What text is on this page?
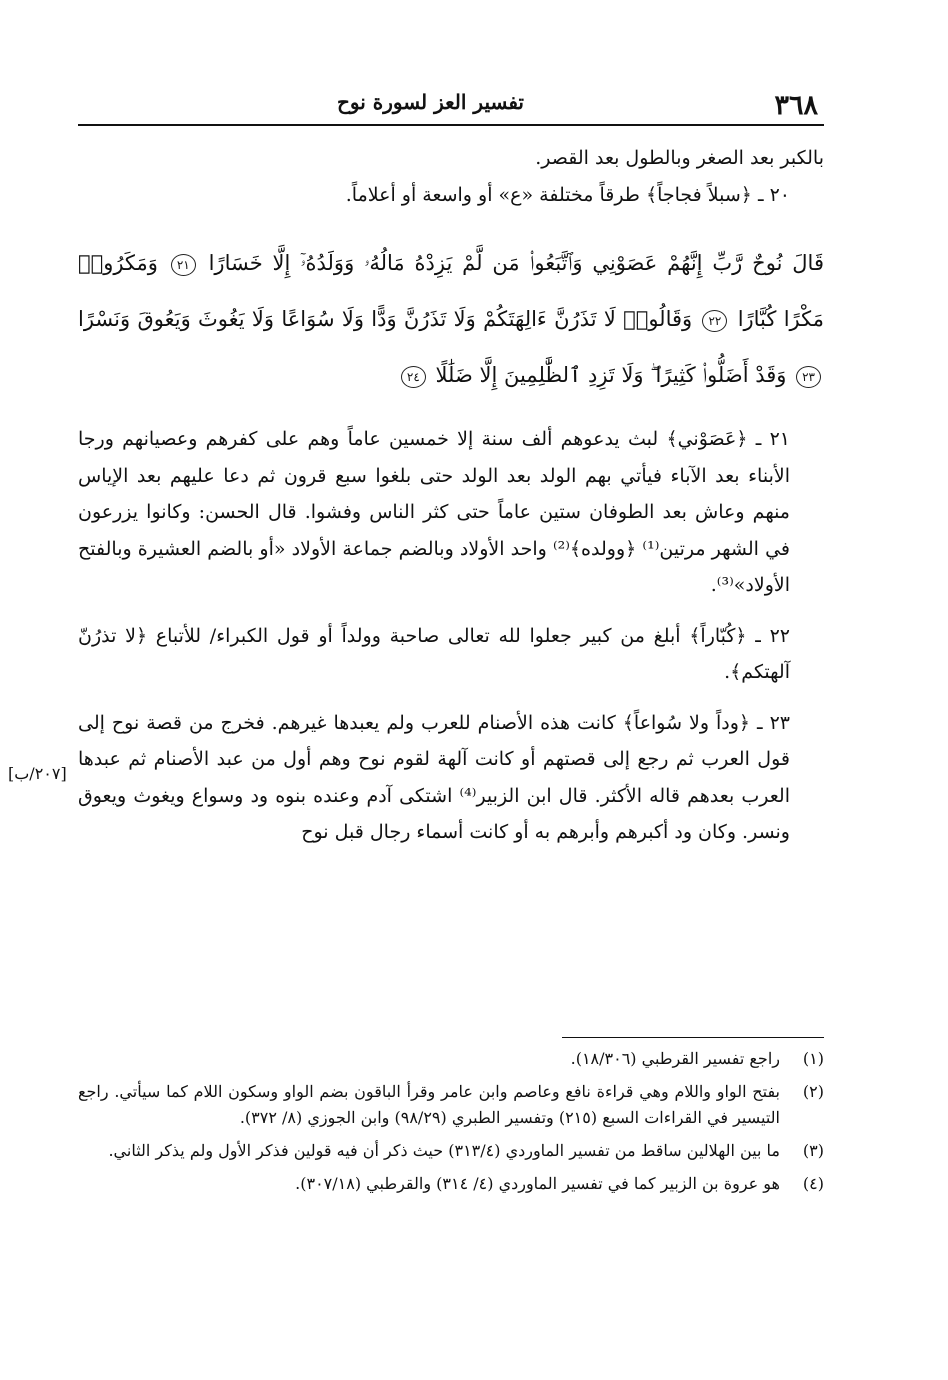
٣٦٨
تفسير العز لسورة نوح

بالكبر بعد الصغر وبالطول بعد القصر.

٢٠ ـ ﴿سبلاً فجاجاً﴾ طرقاً مختلفة «ع» أو واسعة أو أعلاماً.

قَالَ نُوحٌ رَّبِّ إِنَّهُمْ عَصَوْنِي وَٱتَّبَعُوا۟ مَن لَّمْ يَزِدْهُ مَالُهُۥ وَوَلَدُهُۥٓ إِلَّا خَسَارًا ٢١ وَمَكَرُوا۟ مَكْرًا كُبَّارًا ٢٢ وَقَالُوا۟ لَا تَذَرُنَّ ءَالِهَتَكُمْ وَلَا تَذَرُنَّ وَدًّا وَلَا سُوَاعًا وَلَا يَغُوثَ وَيَعُوقَ وَنَسْرًا ٢٣ وَقَدْ أَضَلُّوا۟ كَثِيرًا ۖ وَلَا تَزِدِ ٱلظَّٰلِمِينَ إِلَّا ضَلَٰلًا ٢٤

٢١ ـ ﴿عَصَوْني﴾ لبث يدعوهم ألف سنة إلا خمسين عاماً وهم على كفرهم وعصيانهم ورجا الأبناء بعد الآباء فيأتي بهم الولد بعد الولد حتى بلغوا سبع قرون ثم دعا عليهم بعد الإياس منهم وعاش بعد الطوفان ستين عاماً حتى كثر الناس وفشوا. قال الحسن: وكانوا يزرعون في الشهر مرتين⁽¹⁾ ﴿وولده﴾⁽²⁾ واحد الأولاد وبالضم جماعة الأولاد «أو بالضم العشيرة وبالفتح الأولاد»⁽³⁾.

٢٢ ـ ﴿كُبّاراً﴾ أبلغ من كبير جعلوا لله تعالى صاحبة وولداً أو قول الكبراء/ للأتباع ﴿لا تذرُنّ آلهتكم﴾.

٢٣ ـ ﴿وداً ولا سُواعاً﴾ كانت هذه الأصنام للعرب ولم يعبدها غيرهم. فخرج من قصة نوح إلى قول العرب ثم رجع إلى قصتهم أو كانت آلهة لقوم نوح وهم أول من عبد الأصنام ثم عبدها العرب بعدهم قاله الأكثر. قال ابن الزبير⁽⁴⁾ اشتكى آدم وعنده بنوه ود وسواع ويغوث ويعوق ونسر. وكان ود أكبرهم وأبرهم به أو كانت أسماء رجال قبل نوح

[٢٠٧/ب]
(١)
راجع تفسير القرطبي (١٨/٣٠٦).
(٢)
بفتح الواو واللام وهي قراءة نافع وعاصم وابن عامر وقرأ الباقون بضم الواو وسكون اللام كما سيأتي. راجع التيسير في القراءات السبع (٢١٥) وتفسير الطبري (٩٨/٢٩) وابن الجوزي (٨/ ٣٧٢).
(٣)
ما بين الهلالين ساقط من تفسير الماوردي (٣١٣/٤) حيث ذكر أن فيه قولين فذكر الأول ولم يذكر الثاني.
(٤)
هو عروة بن الزبير كما في تفسير الماوردي (٤/ ٣١٤) والقرطبي (٣٠٧/١٨).
